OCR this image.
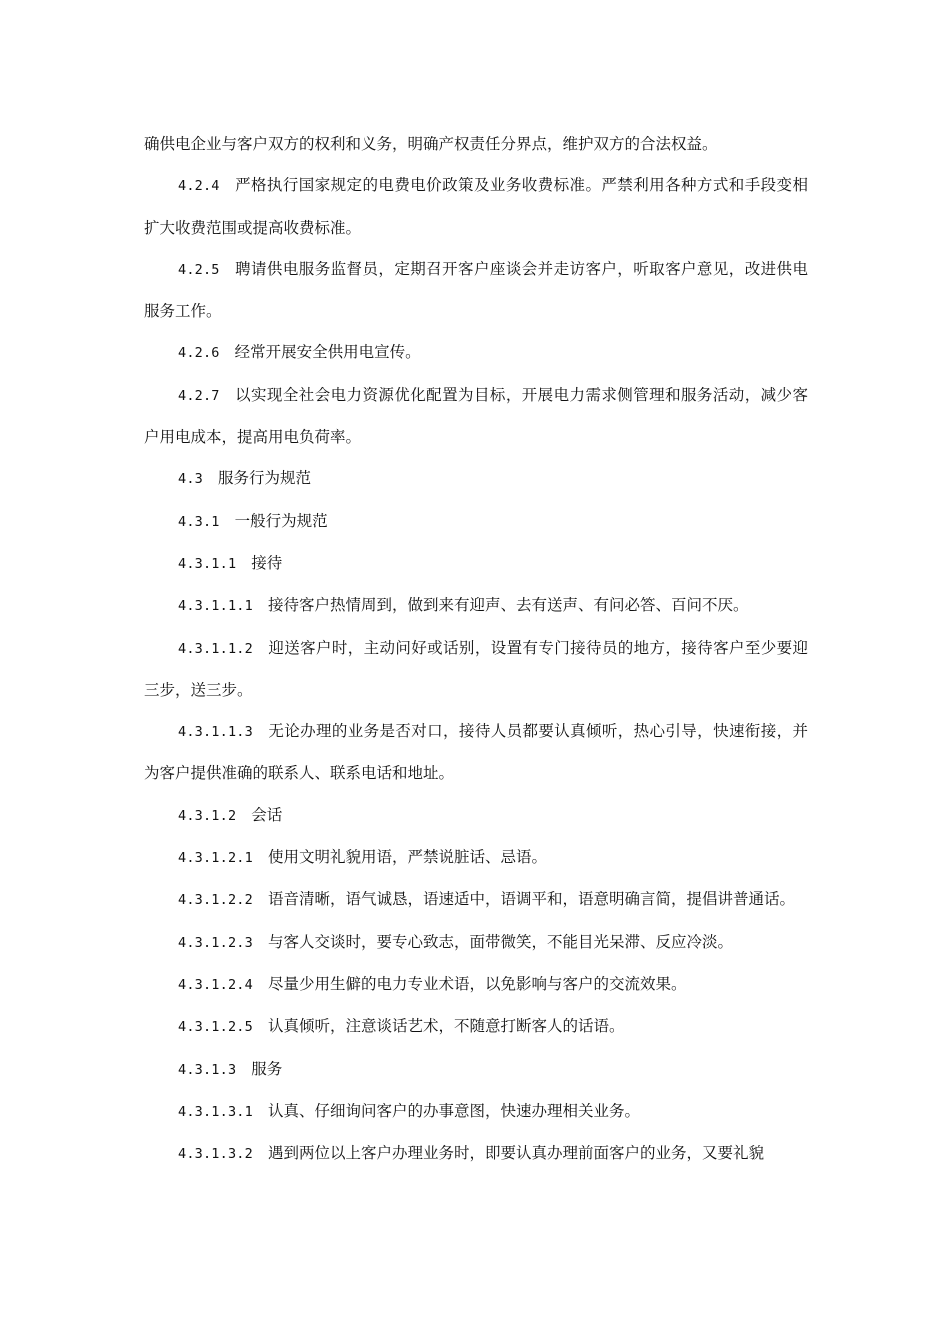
确供电企业与客户双方的权利和义务，明确产权责任分界点，维护双方的合法权益。

4.2.4 严格执行国家规定的电费电价政策及业务收费标准。严禁利用各种方式和手段变相扩大收费范围或提高收费标准。

4.2.5 聘请供电服务监督员，定期召开客户座谈会并走访客户，听取客户意见，改进供电服务工作。

4.2.6 经常开展安全供用电宣传。

4.2.7 以实现全社会电力资源优化配置为目标，开展电力需求侧管理和服务活动，减少客户用电成本，提高用电负荷率。

4.3 服务行为规范

4.3.1 一般行为规范

4.3.1.1 接待

4.3.1.1.1 接待客户热情周到，做到来有迎声、去有送声、有问必答、百问不厌。

4.3.1.1.2 迎送客户时，主动问好或话别，设置有专门接待员的地方，接待客户至少要迎三步，送三步。

4.3.1.1.3 无论办理的业务是否对口，接待人员都要认真倾听，热心引导，快速衔接，并为客户提供准确的联系人、联系电话和地址。

4.3.1.2 会话

4.3.1.2.1 使用文明礼貌用语，严禁说脏话、忌语。

4.3.1.2.2 语音清晰，语气诚恳，语速适中，语调平和，语意明确言简，提倡讲普通话。

4.3.1.2.3 与客人交谈时，要专心致志，面带微笑，不能目光呆滞、反应冷淡。

4.3.1.2.4 尽量少用生僻的电力专业术语，以免影响与客户的交流效果。

4.3.1.2.5 认真倾听，注意谈话艺术，不随意打断客人的话语。

4.3.1.3 服务

4.3.1.3.1 认真、仔细询问客户的办事意图，快速办理相关业务。

4.3.1.3.2 遇到两位以上客户办理业务时，即要认真办理前面客户的业务，又要礼貌
